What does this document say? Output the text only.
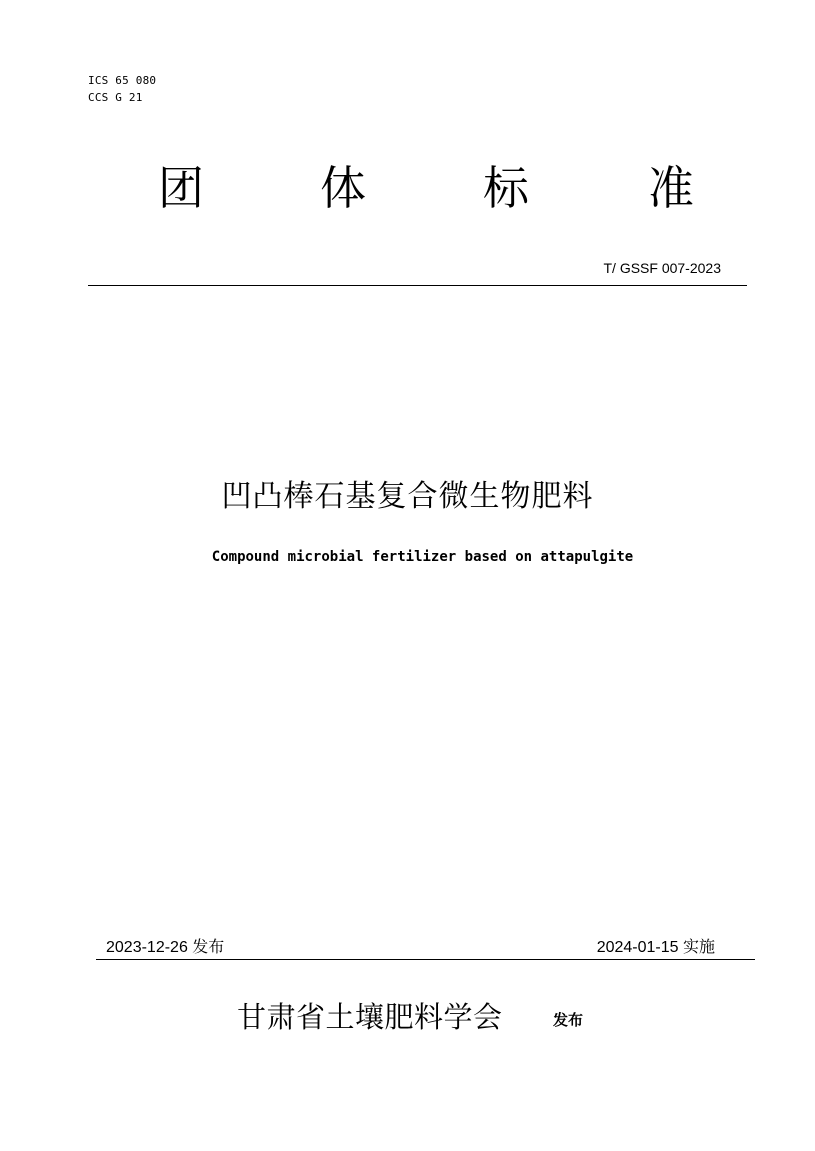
ICS 65 080
CCS G 21
团	体	标	准
T/ GSSF 007-2023
凹凸棒石基复合微生物肥料
Compound microbial fertilizer based on attapulgite
2023-12-26 发布	2024-01-15 实施
甘肃省土壤肥料学会	发布
